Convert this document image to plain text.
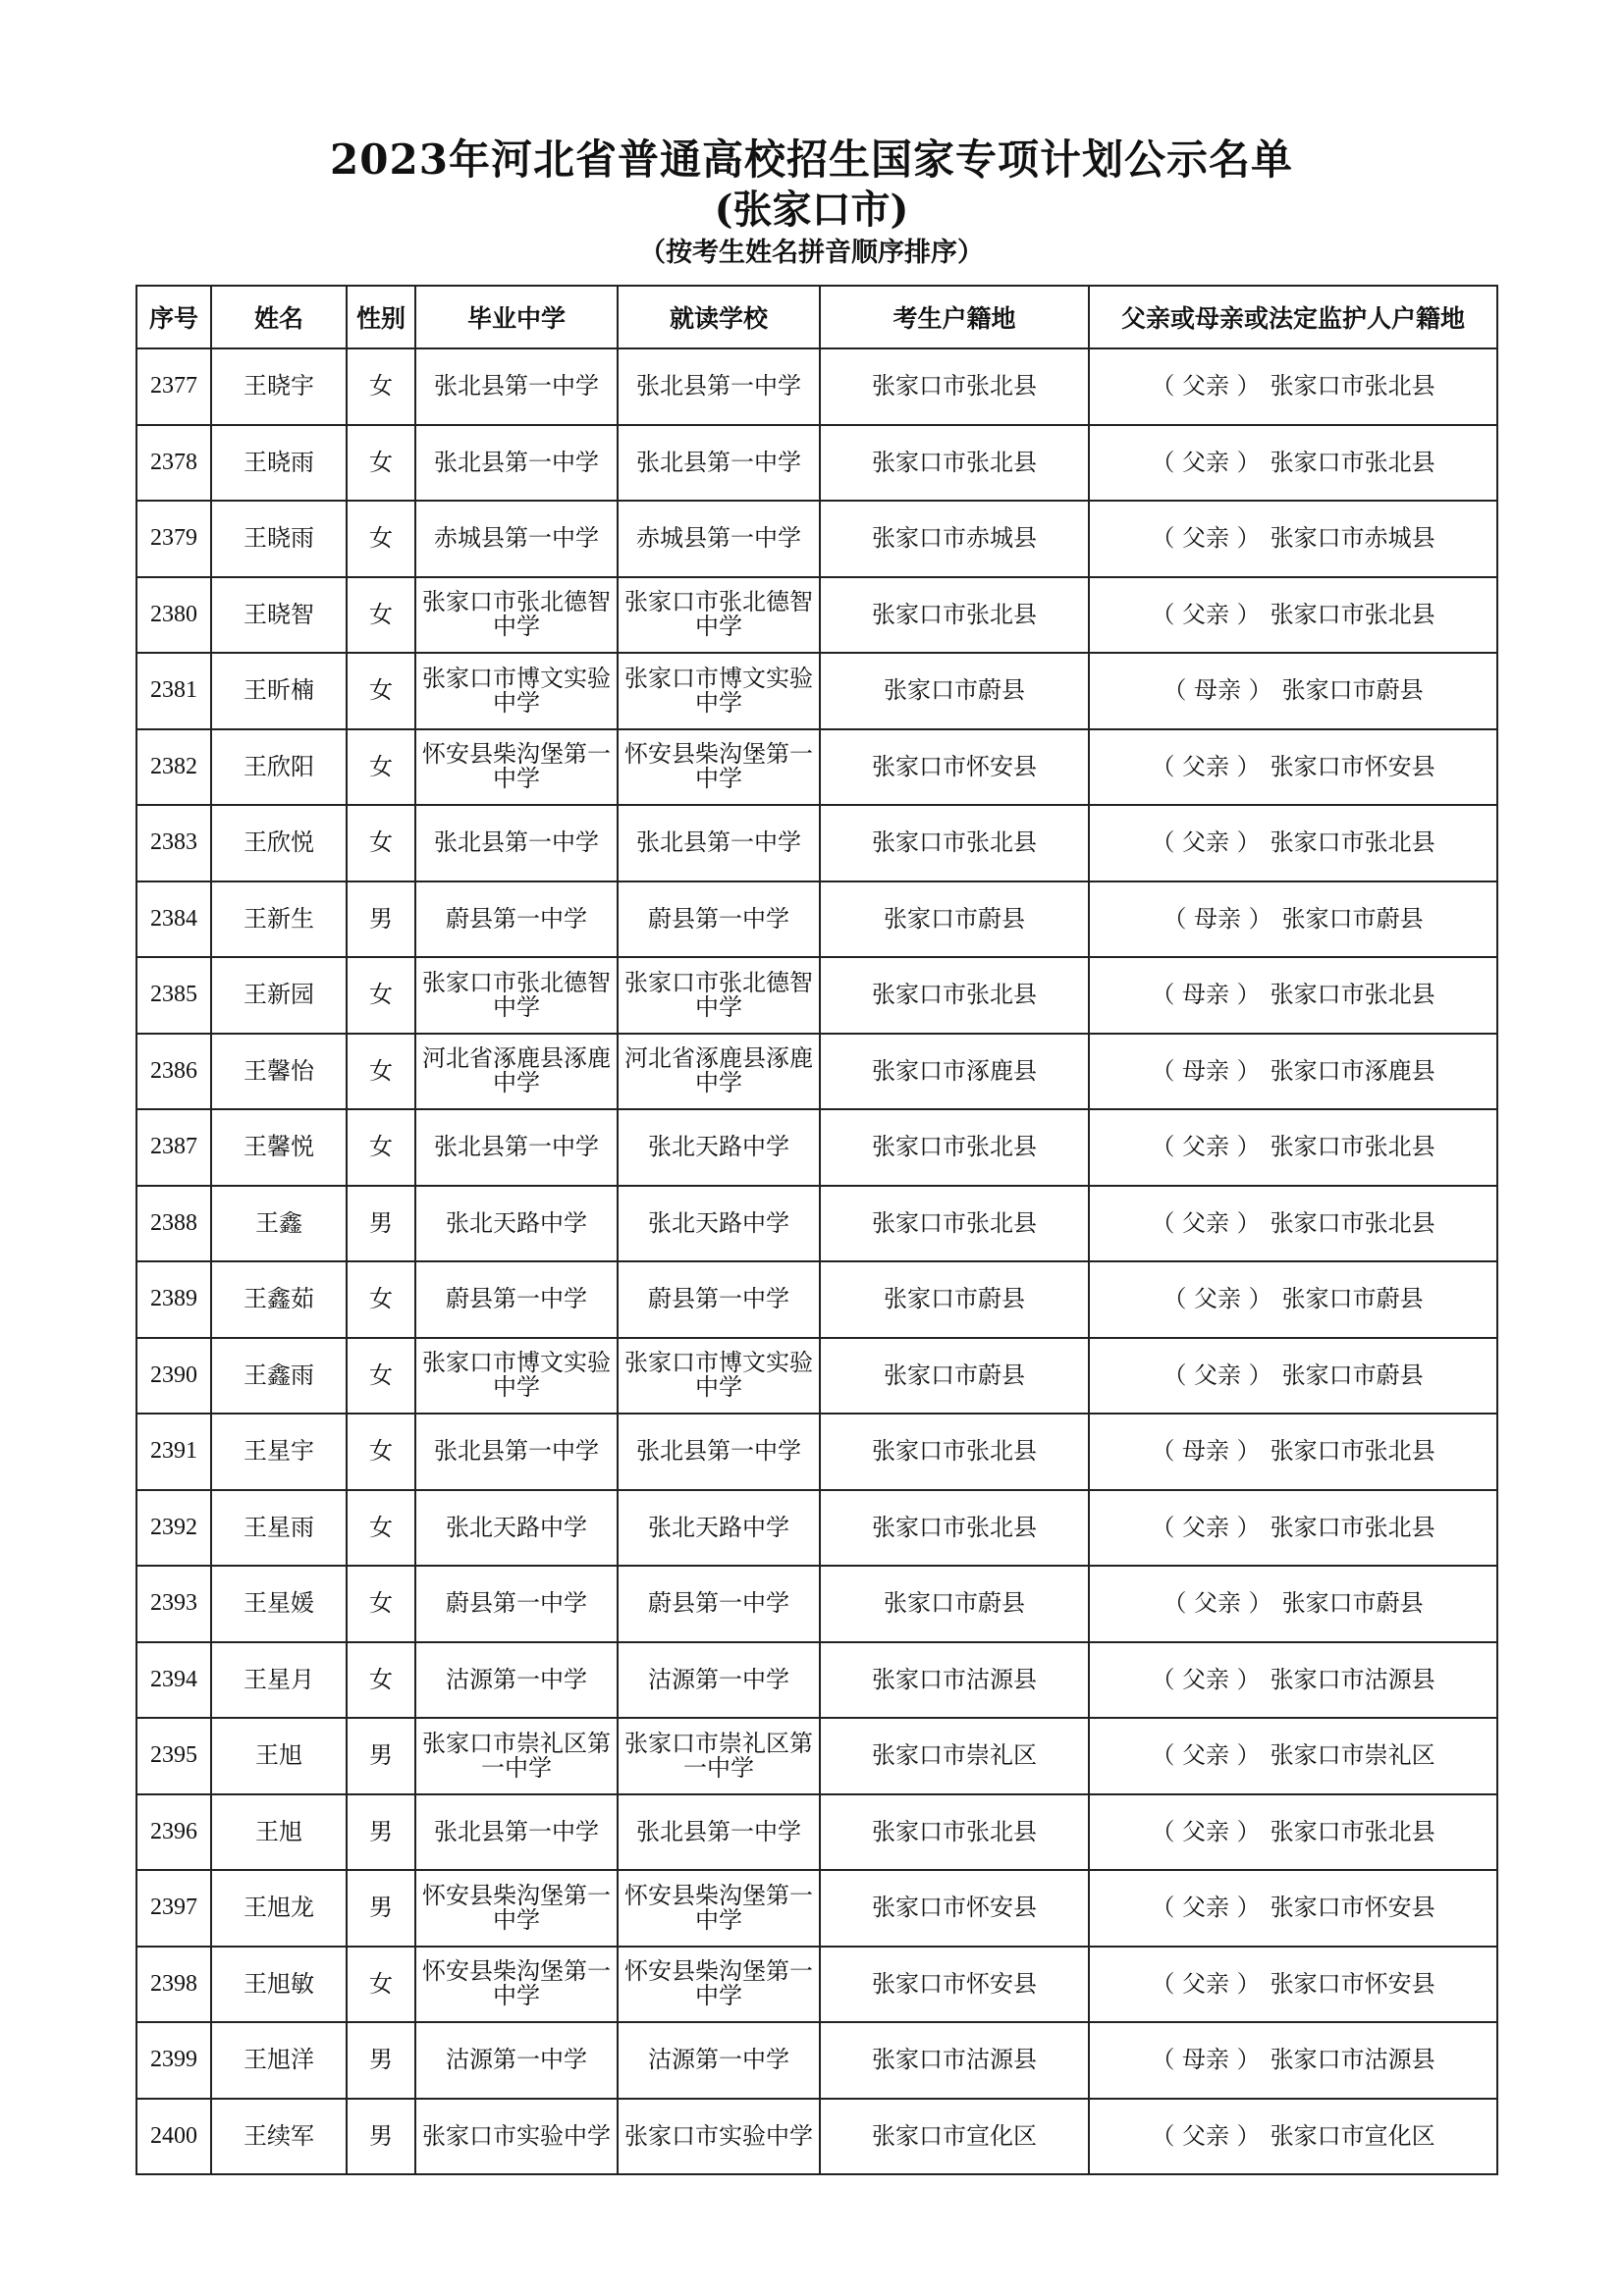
2023年河北省普通高校招生国家专项计划公示名单
(张家口市)
（按考生姓名拼音顺序排序）
序号	姓名	性别	毕业中学	就读学校	考生户籍地	父亲或母亲或法定监护人户籍地
2377	王晓宇	女	张北县第一中学	张北县第一中学	张家口市张北县	（ 父亲 ） 张家口市张北县
2378	王晓雨	女	张北县第一中学	张北县第一中学	张家口市张北县	（ 父亲 ） 张家口市张北县
2379	王晓雨	女	赤城县第一中学	赤城县第一中学	张家口市赤城县	（ 父亲 ） 张家口市赤城县
2380	王晓智	女	张家口市张北德智中学	张家口市张北德智中学	张家口市张北县	（ 父亲 ） 张家口市张北县
2381	王昕楠	女	张家口市博文实验中学	张家口市博文实验中学	张家口市蔚县	（ 母亲 ） 张家口市蔚县
2382	王欣阳	女	怀安县柴沟堡第一中学	怀安县柴沟堡第一中学	张家口市怀安县	（ 父亲 ） 张家口市怀安县
2383	王欣悦	女	张北县第一中学	张北县第一中学	张家口市张北县	（ 父亲 ） 张家口市张北县
2384	王新生	男	蔚县第一中学	蔚县第一中学	张家口市蔚县	（ 母亲 ） 张家口市蔚县
2385	王新园	女	张家口市张北德智中学	张家口市张北德智中学	张家口市张北县	（ 母亲 ） 张家口市张北县
2386	王馨怡	女	河北省涿鹿县涿鹿中学	河北省涿鹿县涿鹿中学	张家口市涿鹿县	（ 母亲 ） 张家口市涿鹿县
2387	王馨悦	女	张北县第一中学	张北天路中学	张家口市张北县	（ 父亲 ） 张家口市张北县
2388	王鑫	男	张北天路中学	张北天路中学	张家口市张北县	（ 父亲 ） 张家口市张北县
2389	王鑫茹	女	蔚县第一中学	蔚县第一中学	张家口市蔚县	（ 父亲 ） 张家口市蔚县
2390	王鑫雨	女	张家口市博文实验中学	张家口市博文实验中学	张家口市蔚县	（ 父亲 ） 张家口市蔚县
2391	王星宇	女	张北县第一中学	张北县第一中学	张家口市张北县	（ 母亲 ） 张家口市张北县
2392	王星雨	女	张北天路中学	张北天路中学	张家口市张北县	（ 父亲 ） 张家口市张北县
2393	王星媛	女	蔚县第一中学	蔚县第一中学	张家口市蔚县	（ 父亲 ） 张家口市蔚县
2394	王星月	女	沽源第一中学	沽源第一中学	张家口市沽源县	（ 父亲 ） 张家口市沽源县
2395	王旭	男	张家口市崇礼区第一中学	张家口市崇礼区第一中学	张家口市崇礼区	（ 父亲 ） 张家口市崇礼区
2396	王旭	男	张北县第一中学	张北县第一中学	张家口市张北县	（ 父亲 ） 张家口市张北县
2397	王旭龙	男	怀安县柴沟堡第一中学	怀安县柴沟堡第一中学	张家口市怀安县	（ 父亲 ） 张家口市怀安县
2398	王旭敏	女	怀安县柴沟堡第一中学	怀安县柴沟堡第一中学	张家口市怀安县	（ 父亲 ） 张家口市怀安县
2399	王旭洋	男	沽源第一中学	沽源第一中学	张家口市沽源县	（ 母亲 ） 张家口市沽源县
2400	王续军	男	张家口市实验中学	张家口市实验中学	张家口市宣化区	（ 父亲 ） 张家口市宣化区
